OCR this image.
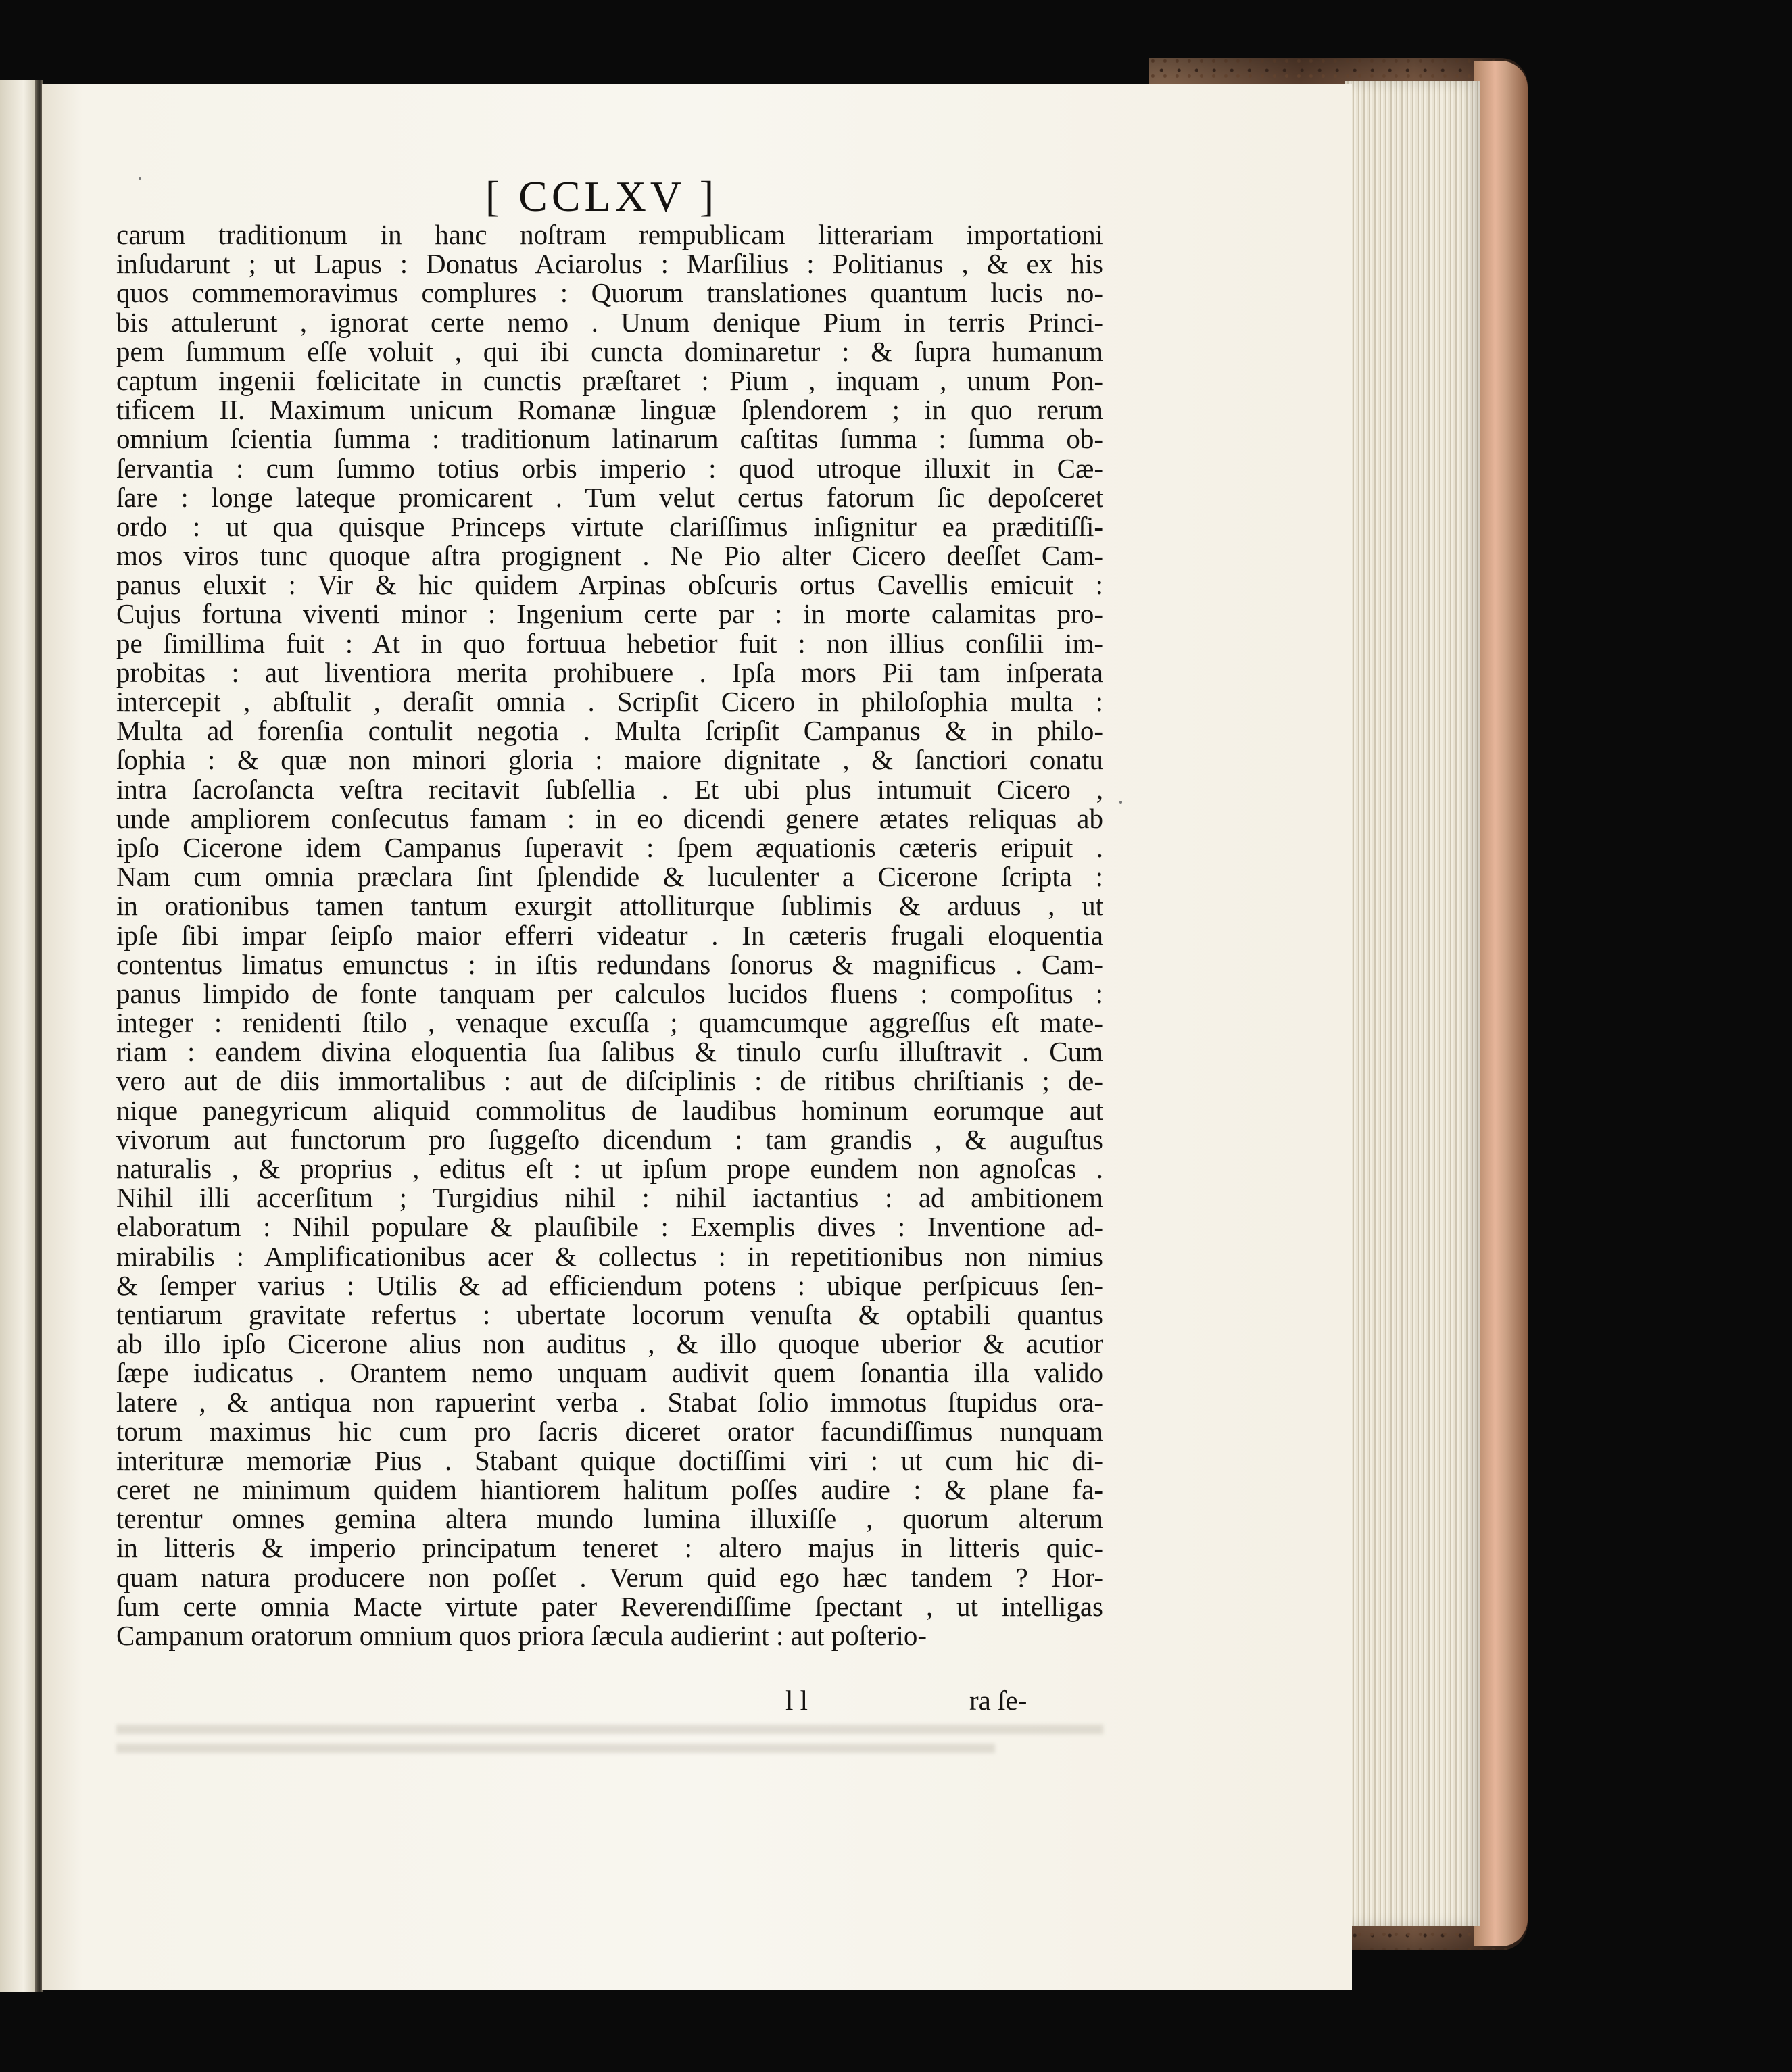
[ CCLXV ]
carum traditionum in hanc noſtram rempublicam litterariam importationi
inſudarunt ; ut Lapus : Donatus Aciarolus : Marſilius : Politianus , & ex his
quos commemoravimus complures : Quorum translationes quantum lucis no-
bis attulerunt , ignorat certe nemo . Unum denique Pium in terris Princi-
pem ſummum eſſe voluit , qui ibi cuncta dominaretur : & ſupra humanum
captum ingenii fœlicitate in cunctis præſtaret : Pium , inquam , unum Pon-
tificem II. Maximum unicum Romanæ linguæ ſplendorem ; in quo rerum
omnium ſcientia ſumma : traditionum latinarum caſtitas ſumma : ſumma ob-
ſervantia : cum ſummo totius orbis imperio : quod utroque illuxit in Cæ-
ſare : longe lateque promicarent . Tum velut certus fatorum ſic depoſceret
ordo : ut qua quisque Princeps virtute clariſſimus inſignitur ea præditiſſi-
mos viros tunc quoque aſtra progignent . Ne Pio alter Cicero deeſſet Cam-
panus eluxit : Vir & hic quidem Arpinas obſcuris ortus Cavellis emicuit :
Cujus fortuna viventi minor : Ingenium certe par : in morte calamitas pro-
pe ſimillima fuit : At in quo fortuua hebetior fuit : non illius conſilii im-
probitas : aut liventiora merita prohibuere . Ipſa mors Pii tam inſperata
intercepit , abſtulit , deraſit omnia . Scripſit Cicero in philoſophia multa :
Multa ad forenſia contulit negotia . Multa ſcripſit Campanus & in philo-
ſophia : & quæ non minori gloria : maiore dignitate , & ſanctiori conatu
intra ſacroſancta veſtra recitavit ſubſellia . Et ubi plus intumuit Cicero ,
unde ampliorem conſecutus famam : in eo dicendi genere ætates reliquas ab
ipſo Cicerone idem Campanus ſuperavit : ſpem æquationis cæteris eripuit .
Nam cum omnia præclara ſint ſplendide & luculenter a Cicerone ſcripta :
in orationibus tamen tantum exurgit attolliturque ſublimis & arduus , ut
ipſe ſibi impar ſeipſo maior efferri videatur . In cæteris frugali eloquentia
contentus limatus emunctus : in iſtis redundans ſonorus & magnificus . Cam-
panus limpido de fonte tanquam per calculos lucidos fluens : compoſitus :
integer : renidenti ſtilo , venaque excuſſa ; quamcumque aggreſſus eſt mate-
riam : eandem divina eloquentia ſua ſalibus & tinulo curſu illuſtravit . Cum
vero aut de diis immortalibus : aut de diſciplinis : de ritibus chriſtianis ; de-
nique panegyricum aliquid commolitus de laudibus hominum eorumque aut
vivorum aut functorum pro ſuggeſto dicendum : tam grandis , & auguſtus
naturalis , & proprius , editus eſt : ut ipſum prope eundem non agnoſcas .
Nihil illi accerſitum ; Turgidius nihil : nihil iactantius : ad ambitionem
elaboratum : Nihil populare & plauſibile : Exemplis dives : Inventione ad-
mirabilis : Amplificationibus acer & collectus : in repetitionibus non nimius
& ſemper varius : Utilis & ad efficiendum potens : ubique perſpicuus ſen-
tentiarum gravitate refertus : ubertate locorum venuſta & optabili quantus
ab illo ipſo Cicerone alius non auditus , & illo quoque uberior & acutior
ſæpe iudicatus . Orantem nemo unquam audivit quem ſonantia illa valido
latere , & antiqua non rapuerint verba . Stabat ſolio immotus ſtupidus ora-
torum maximus hic cum pro ſacris diceret orator facundiſſimus nunquam
interituræ memoriæ Pius . Stabant quique doctiſſimi viri : ut cum hic di-
ceret ne minimum quidem hiantiorem halitum poſſes audire : & plane fa-
terentur omnes gemina altera mundo lumina illuxiſſe , quorum alterum
in litteris & imperio principatum teneret : altero majus in litteris quic-
quam natura producere non poſſet . Verum quid ego hæc tandem ? Hor-
ſum certe omnia Macte virtute pater Reverendiſſime ſpectant , ut intelligas
Campanum oratorum omnium quos priora ſæcula audierint : aut poſterio-
l l	ra ſe-
